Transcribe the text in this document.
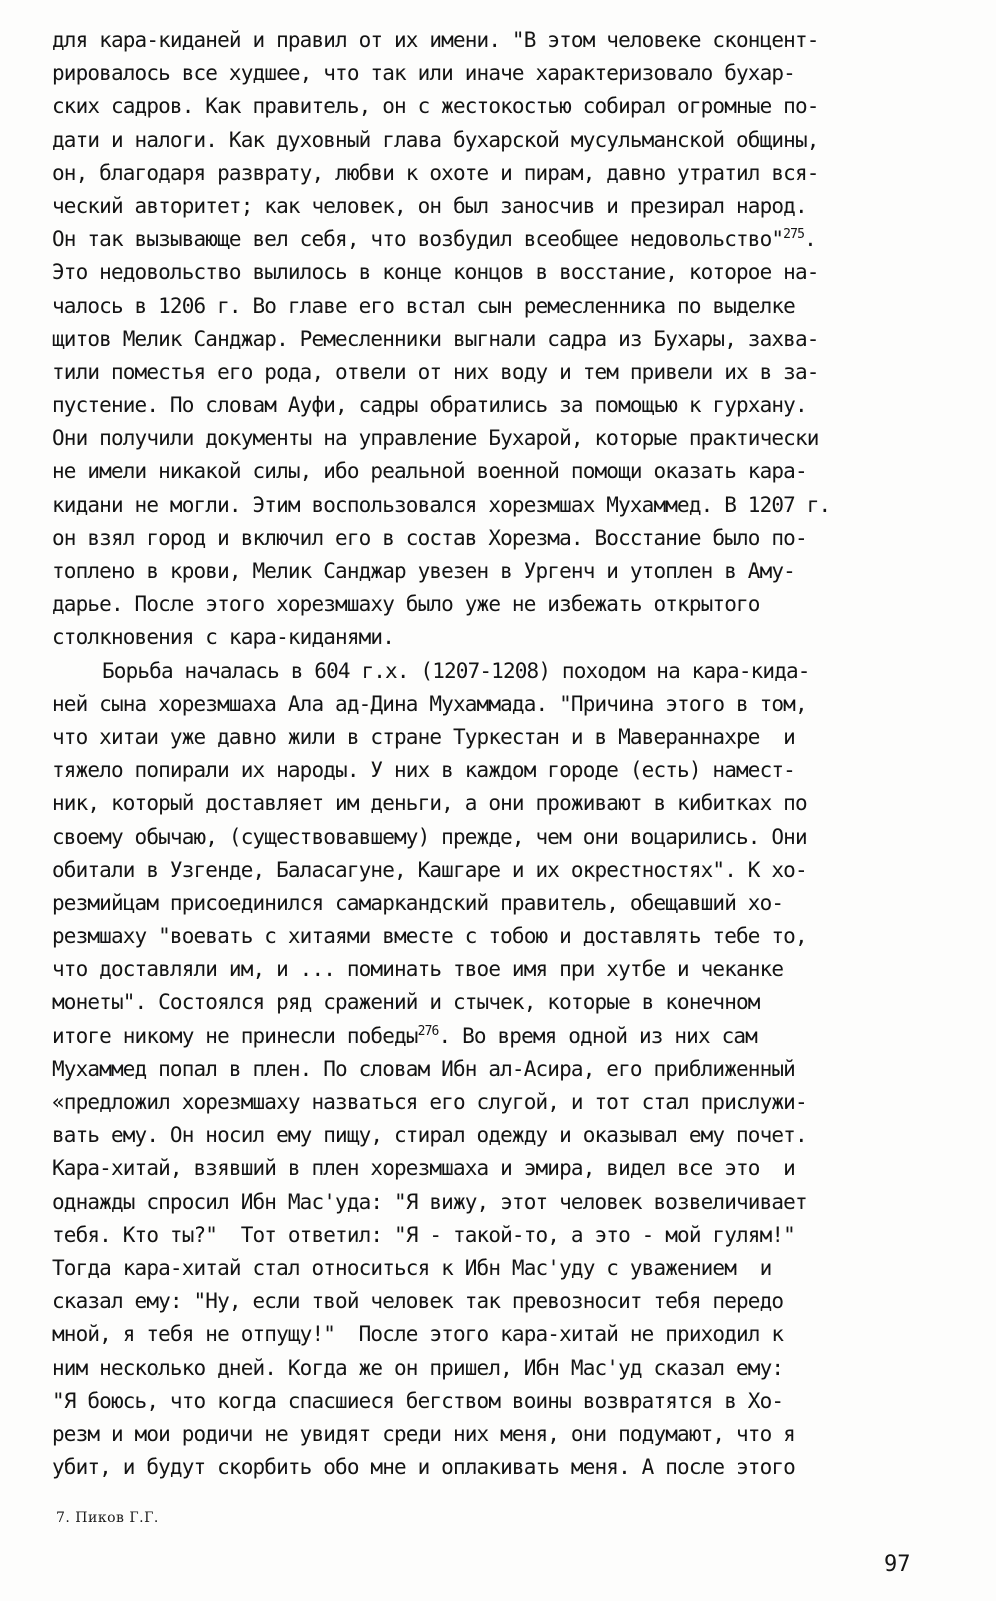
для кара-киданей и правил от их имени. "В этом человеке сконцент-
рировалось все худшее, что так или иначе характеризовало бухар-
ских садров. Как правитель, он с жестокостью собирал огромные по-
дати и налоги. Как духовный глава бухарской мусульманской общины,
он, благодаря разврату, любви к охоте и пирам, давно утратил вся-
ческий авторитет; как человек, он был заносчив и презирал народ.
Он так вызывающе вел себя, что возбудил всеобщее недовольство"$^{275}$.
Это недовольство вылилось в конце концов в восстание, которое на-
чалось в 1206 г. Во главе его встал сын ремесленника по выделке
щитов Мелик Санджар. Ремесленники выгнали садра из Бухары, захва-
тили поместья его рода, отвели от них воду и тем привели их в за-
пустение. По словам Ауфи, садры обратились за помощью к гурхану.
Они получили документы на управление Бухарой, которые практически
не имели никакой силы, ибо реальной военной помощи оказать кара-
кидани не могли. Этим воспользовался хорезмшах Мухаммед. В 1207 г.
он взял город и включил его в состав Хорезма. Восстание было по-
топлено в крови, Мелик Санджар увезен в Ургенч и утоплен в Аму-
дарье. После этого хорезмшаху было уже не избежать открытого
столкновения с кара-киданями.
Борьба началась в 604 г.х. (1207-1208) походом на кара-кида-
ней сына хорезмшаха Ала ад-Дина Мухаммада. "Причина этого в том,
что хитаи уже давно жили в стране Туркестан и в Мавераннахре  и
тяжело попирали их народы. У них в каждом городе (есть) намест-
ник, который доставляет им деньги, а они проживают в кибитках по
своему обычаю, (существовавшему) прежде, чем они воцарились. Они
обитали в Узгенде, Баласагуне, Кашгаре и их окрестностях". К хо-
резмийцам присоединился самаркандский правитель, обещавший хо-
резмшаху "воевать с хитаями вместе с тобою и доставлять тебе то,
что доставляли им, и ... поминать твое имя при хутбе и чеканке
монеты". Состоялся ряд сражений и стычек, которые в конечном
итоге никому не принесли победы$^{276}$. Во время одной из них сам
Мухаммед попал в плен. По словам Ибн ал-Асира, его приближенный
«предложил хорезмшаху назваться его слугой, и тот стал прислужи-
вать ему. Он носил ему пищу, стирал одежду и оказывал ему почет.
Кара-хитай, взявший в плен хорезмшаха и эмира, видел все это  и
однажды спросил Ибн Мас'уда: "Я вижу, этот человек возвеличивает
тебя. Кто ты?"  Тот ответил: "Я - такой-то, а это - мой гулям!"
Тогда кара-хитай стал относиться к Ибн Мас'уду с уважением  и
сказал ему: "Ну, если твой человек так превозносит тебя передо
мной, я тебя не отпущу!"  После этого кара-хитай не приходил к
ним несколько дней. Когда же он пришел, Ибн Мас'уд сказал ему:
"Я боюсь, что когда спасшиеся бегством воины возвратятся в Хо-
резм и мои родичи не увидят среди них меня, они подумают, что я
убит, и будут скорбить обо мне и оплакивать меня. А после этого
7. Пиков Г.Г.
97
